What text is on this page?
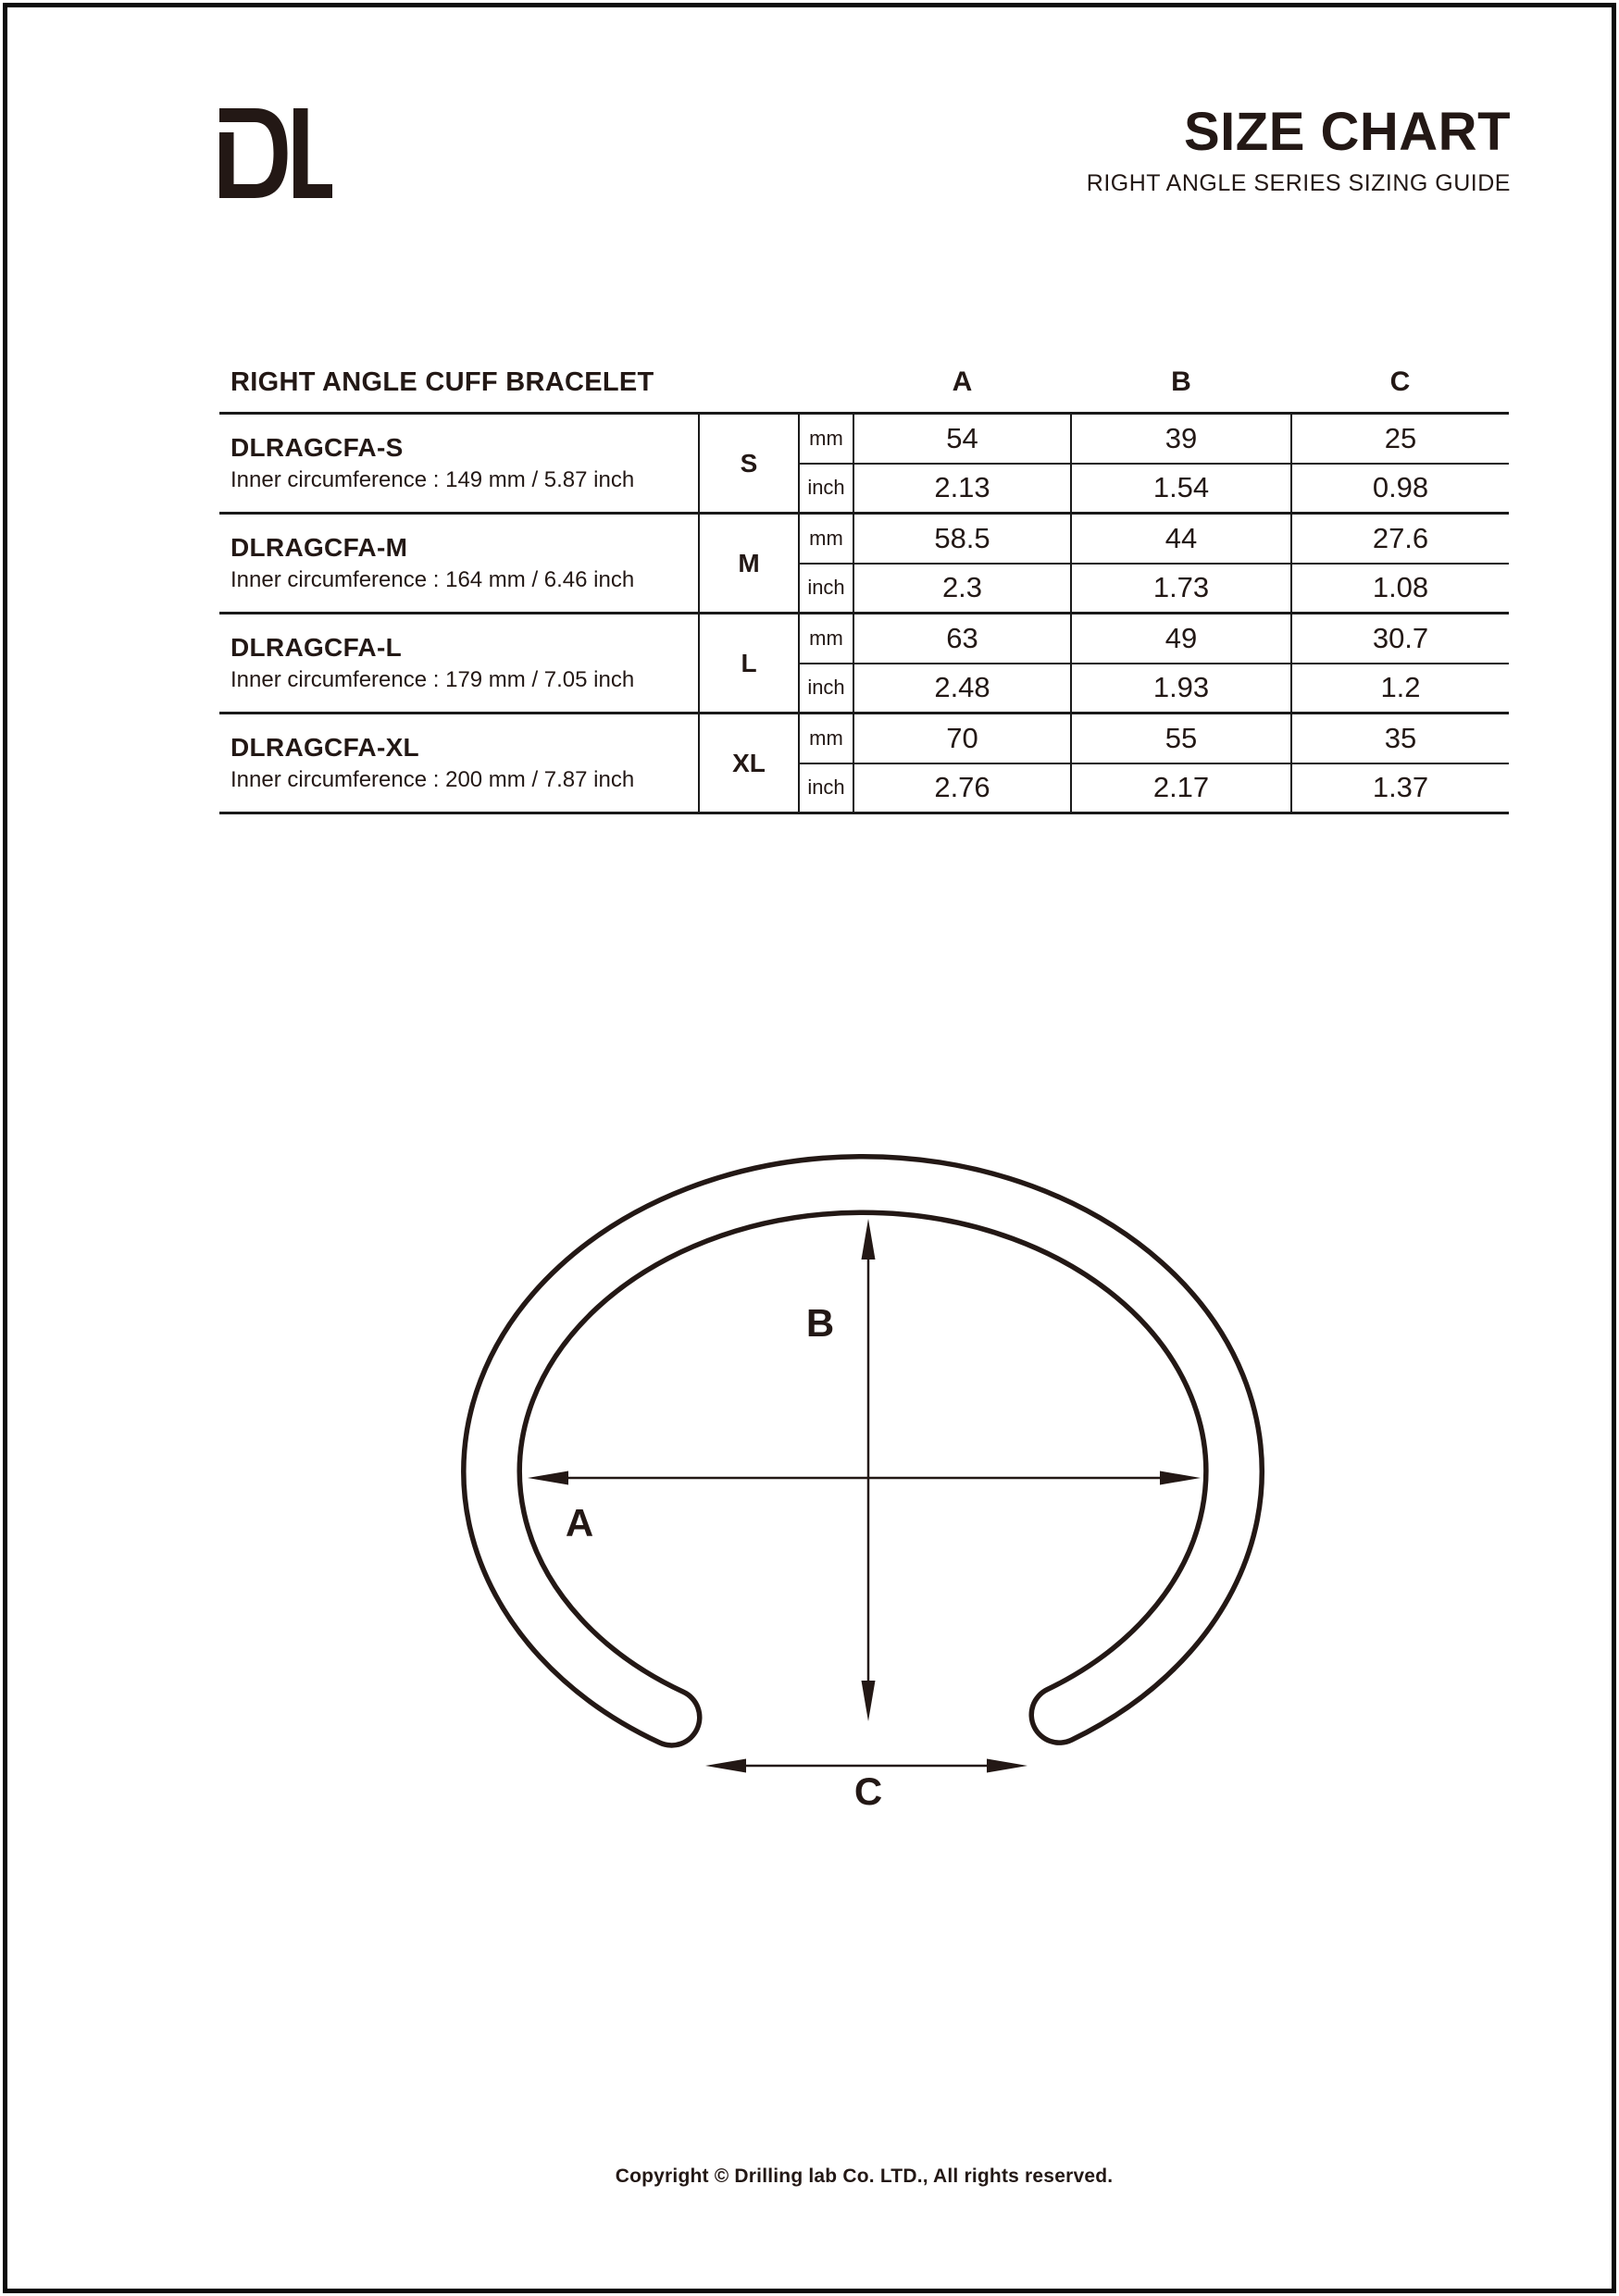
SIZE CHART
RIGHT ANGLE SERIES SIZING GUIDE
RIGHT ANGLE CUFF BRACELET	A	B	C
DLRAGCFA-S
Inner circumference : 149 mm / 5.87 inch	S	mm	54	39	25
		inch	2.13	1.54	0.98

DLRAGCFA-M
Inner circumference : 164 mm / 6.46 inch	M	mm	58.5	44	27.6
		inch	2.3	1.73	1.08

DLRAGCFA-L
Inner circumference : 179 mm / 7.05 inch	L	mm	63	49	30.7
		inch	2.48	1.93	1.2

DLRAGCFA-XL
Inner circumference : 200 mm / 7.87 inch	XL	mm	70	55	35
		inch	2.76	2.17	1.37
A
B
C
Copyright © Drilling lab Co. LTD., All rights reserved.
